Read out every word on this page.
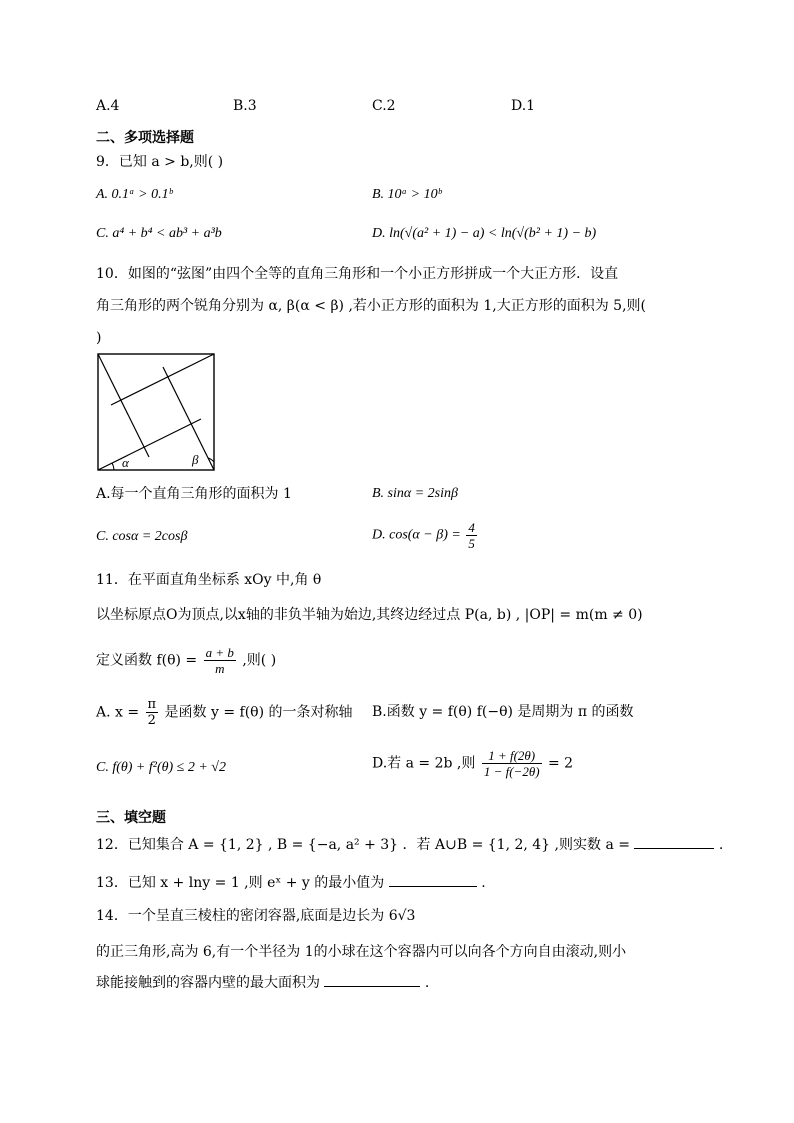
A.4	B.3	C.2	D.1
二、多项选择题
9．已知 a > b,则( )
A. 0.1ᵃ > 0.1ᵇ	B. 10ᵃ > 10ᵇ
C. a⁴ + b⁴ < ab³ + a³b	D. ln(√(a² + 1) − a) < ln(√(b² + 1) − b)
10．如图的“弦图”由四个全等的直角三角形和一个小正方形拼成一个大正方形．设直
角三角形的两个锐角分别为 α, β(α < β) ,若小正方形的面积为 1,大正方形的面积为 5,则(
)
α	β
A.每一个直角三角形的面积为 1	B. sinα = 2sinβ
C. cosα = 2cosβ	D. $\cos(\alpha - \beta) = \frac{4}{5}$
11．在平面直角坐标系 xOy 中,角 θ
以坐标原点O为顶点,以x轴的非负半轴为始边,其终边经过点 P(a, b) , |OP| = m(m ≠ 0)
定义函数 $f(\theta) = \frac{a + b}{m}$ ,则( )
A. $x = \frac{\pi}{2}$ 是函数 y = f(θ) 的一条对称轴 B.函数 y = f(θ) f(−θ) 是周期为 π 的函数
C. f(θ) + f²(θ) ≤ 2 + √2	D.若 a = 2b ,则 $\frac{1 + f(2\theta)}{1 - f(-2\theta)} = 2$
三、填空题
12．已知集合 A = {1, 2} , B = {−a, a² + 3} ．若 A∪B = {1, 2, 4} ,则实数 a =	.
13．已知 x + lny = 1 ,则 eˣ + y 的最小值为	.
14．一个呈直三棱柱的密闭容器,底面是边长为 6√3
的正三角形,高为 6,有一个半径为 1的小球在这个容器内可以向各个方向自由滚动,则小
球能接触到的容器内壁的最大面积为	.
